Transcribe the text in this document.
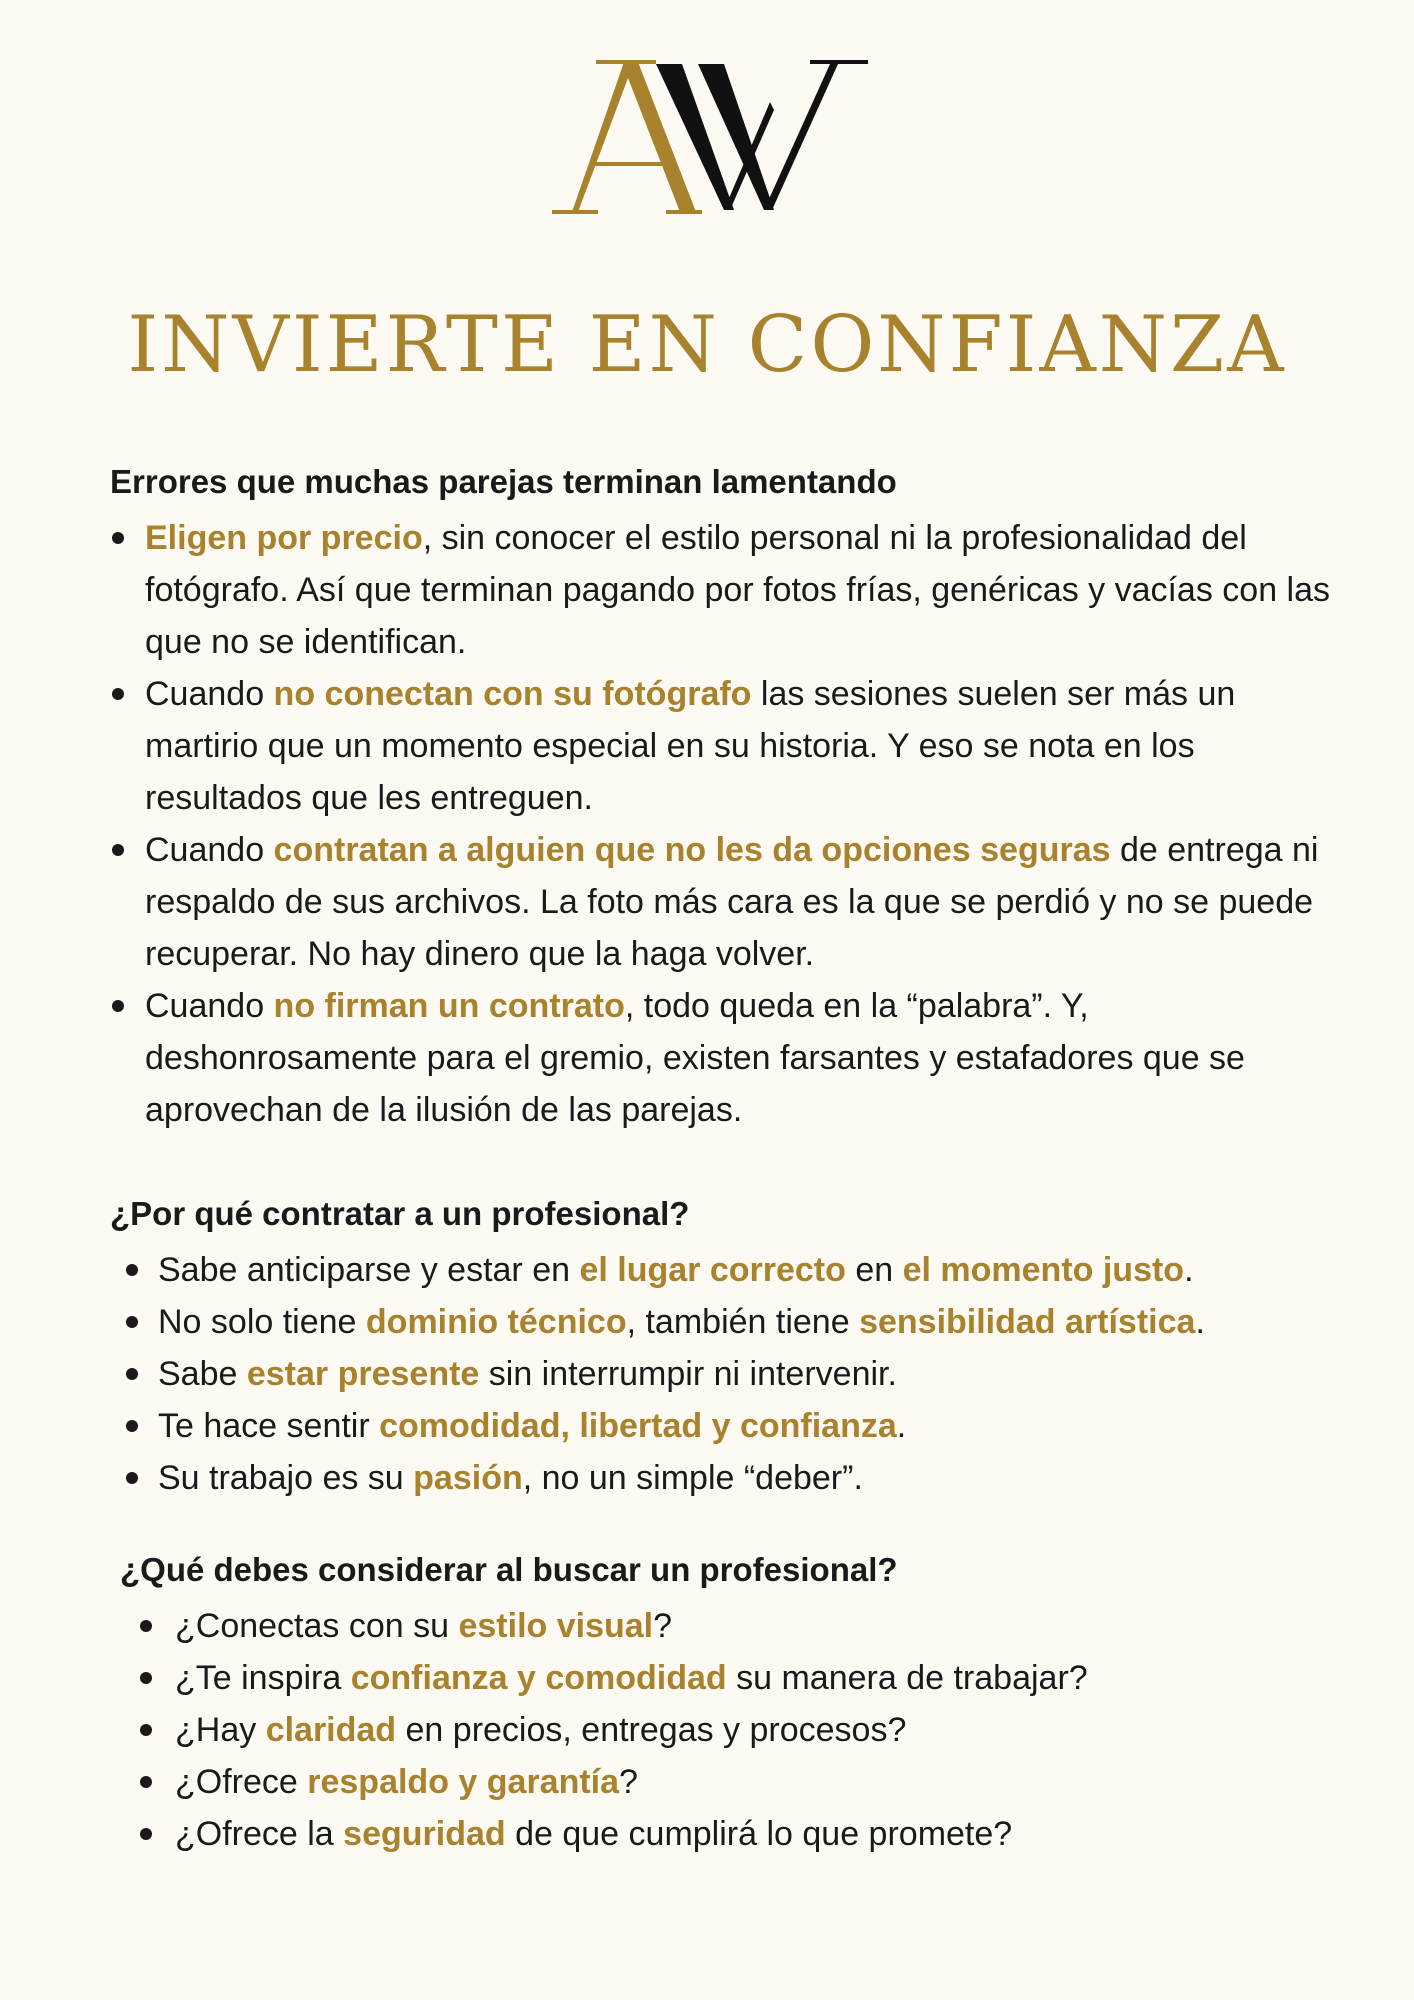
INVIERTE EN CONFIANZA
Errores que muchas parejas terminan lamentando
Eligen por precio, sin conocer el estilo personal ni la profesionalidad del fotógrafo. Así que terminan pagando por fotos frías, genéricas y vacías con las que no se identifican.
Cuando no conectan con su fotógrafo las sesiones suelen ser más un martirio que un momento especial en su historia. Y eso se nota en los resultados que les entreguen.
Cuando contratan a alguien que no les da opciones seguras de entrega ni respaldo de sus archivos. La foto más cara es la que se perdió y no se puede recuperar. No hay dinero que la haga volver.
Cuando no firman un contrato, todo queda en la “palabra”. Y, deshonrosamente para el gremio, existen farsantes y estafadores que se aprovechan de la ilusión de las parejas.
¿Por qué contratar a un profesional?
Sabe anticiparse y estar en el lugar correcto en el momento justo.
No solo tiene dominio técnico, también tiene sensibilidad artística.
Sabe estar presente sin interrumpir ni intervenir.
Te hace sentir comodidad, libertad y confianza.
Su trabajo es su pasión, no un simple “deber”.
¿Qué debes considerar al buscar un profesional?
¿Conectas con su estilo visual?
¿Te inspira confianza y comodidad su manera de trabajar?
¿Hay claridad en precios, entregas y procesos?
¿Ofrece respaldo y garantía?
¿Ofrece la seguridad de que cumplirá lo que promete?
